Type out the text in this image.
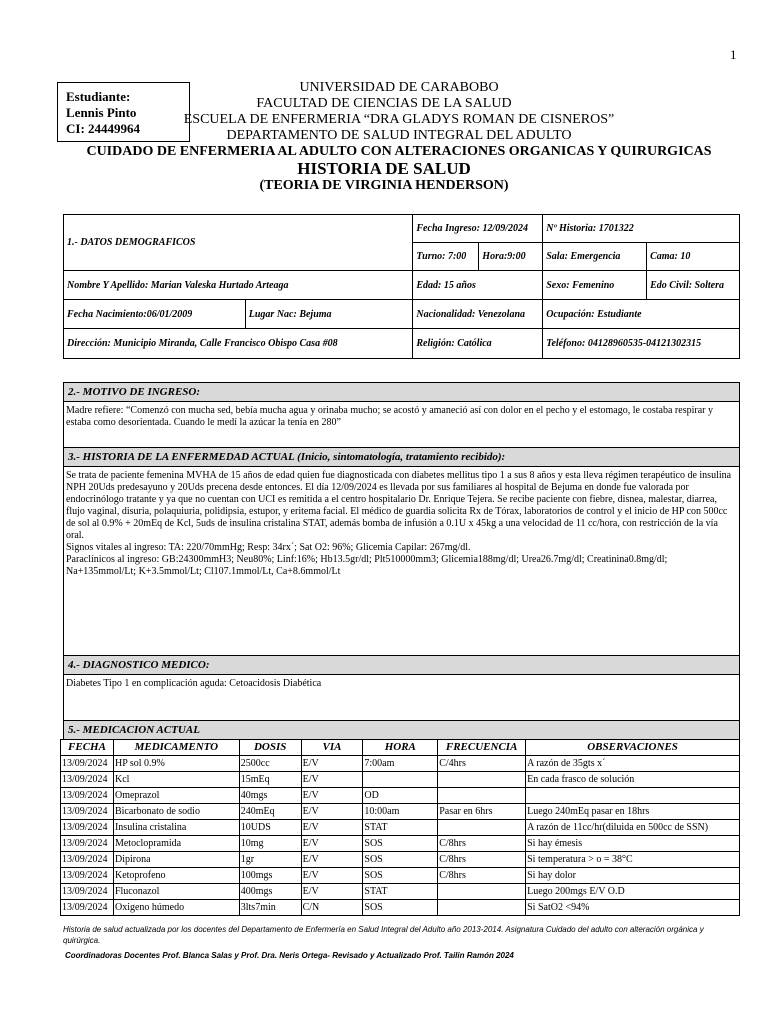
1
UNIVERSIDAD DE CARABOBO
FACULTAD DE CIENCIAS DE LA SALUD
ESCUELA DE ENFERMERIA “DRA GLADYS ROMAN DE CISNEROS”
DEPARTAMENTO DE SALUD INTEGRAL DEL ADULTO
CUIDADO DE ENFERMERIA AL ADULTO CON ALTERACIONES ORGANICAS Y QUIRURGICAS
HISTORIA DE SALUD
(TEORIA DE VIRGINIA HENDERSON)
Estudiante:
Lennis Pinto
CI: 24449964
1.- DATOS DEMOGRAFICOS		Fecha Ingreso: 12/09/2024		Nº Historia: 1701322	
		Turno: 7:00	Hora:9:00	Sala: Emergencia	Cama: 10
Nombre Y Apellido: Marian Valeska Hurtado Arteaga		Edad: 15 años		Sexo: Femenino	Edo Civil: Soltera
Fecha Nacimiento:06/01/2009	Lugar Nac: Bejuma	Nacionalidad: Venezolana		Ocupación: Estudiante	
Dirección: Municipio Miranda, Calle Francisco Obispo Casa #08		Religión: Católica		Teléfono: 04128960535-04121302315	
2.- MOTIVO DE INGRESO:
Madre refiere: “Comenzó con mucha sed, bebía mucha agua y orinaba mucho; se acostó y amaneció así con dolor en el pecho y el estomago, le costaba respirar y estaba como desorientada. Cuando le medí la azúcar la tenía en 280”
3.- HISTORIA DE LA ENFERMEDAD ACTUAL (Inicio, sintomatología, tratamiento recibido):
Se trata de paciente femenina MVHA de 15 años de edad quien fue diagnosticada con diabetes mellitus tipo 1 a sus 8 años y esta lleva régimen terapéutico de insulina NPH 20Uds predesayuno y 20Uds precena desde entonces. El día 12/09/2024 es llevada por sus familiares al hospital de Bejuma en donde fue valorada por endocrinólogo tratante y ya que no cuentan con UCI es remitida a el centro hospitalario Dr. Enrique Tejera. Se recibe paciente con fiebre, disnea, malestar, diarrea, flujo vaginal, disuria, polaquiuria, polidipsia, estupor, y eritema facial. El médico de guardia solicita Rx de Tórax, laboratorios de control y el inicio de HP con 500cc de sol al 0.9% + 20mEq de Kcl, 5uds de insulina cristalina STAT, además bomba de infusión a 0.1U x 45kg a una velocidad de 11 cc/hora, con restricción de la vía oral.
Signos vitales al ingreso: TA: 220/70mmHg; Resp: 34rx´; Sat O2: 96%; Glicemia Capilar: 267mg/dl.
Paraclínicos al ingreso: GB:24300mmH3; Neu80%; Linf:16%; Hb13.5gr/dl; Plt510000mm3; Glicemia188mg/dl; Urea26.7mg/dl; Creatinina0.8mg/dl; Na+135mmol/Lt; K+3.5mmol/Lt; Cl107.1mmol/Lt, Ca+8.6mmol/Lt
4.- DIAGNOSTICO MEDICO:
Diabetes Tipo 1 en complicación aguda: Cetoacidosis Diabética
5.- MEDICACION ACTUAL
FECHA	MEDICAMENTO	DOSIS	VIA	HORA	FRECUENCIA	OBSERVACIONES
13/09/2024	HP sol 0.9%	2500cc	E/V	7:00am	C/4hrs	A razón de 35gts x´
13/09/2024	Kcl	15mEq	E/V			En cada frasco de solución
13/09/2024	Omeprazol	40mgs	E/V	OD		
13/09/2024	Bicarbonato de sodio	240mEq	E/V	10:00am	Pasar en 6hrs	Luego 240mEq pasar en 18hrs
13/09/2024	Insulina cristalina	10UDS	E/V	STAT		A razón de 11cc/hr(diluida en 500cc de SSN)
13/09/2024	Metoclopramida	10mg	E/V	SOS	C/8hrs	Si hay émesis
13/09/2024	Dipirona	1gr	E/V	SOS	C/8hrs	Si temperatura > o = 38°C
13/09/2024	Ketoprofeno	100mgs	E/V	SOS	C/8hrs	Si hay dolor
13/09/2024	Fluconazol	400mgs	E/V	STAT		Luego 200mgs E/V O.D
13/09/2024	Oxigeno húmedo	3lts7min	C/N	SOS		Si SatO2 <94%
Historia de salud actualizada por los docentes del Departamento de Enfermería en Salud Integral del Adulto año 2013-2014. Asignatura Cuidado del adulto con alteración orgánica y quirúrgica.
Coordinadoras Docentes Prof. Blanca Salas y Prof. Dra. Neris Ortega- Revisado y Actualizado Prof. Tailin Ramón 2024
